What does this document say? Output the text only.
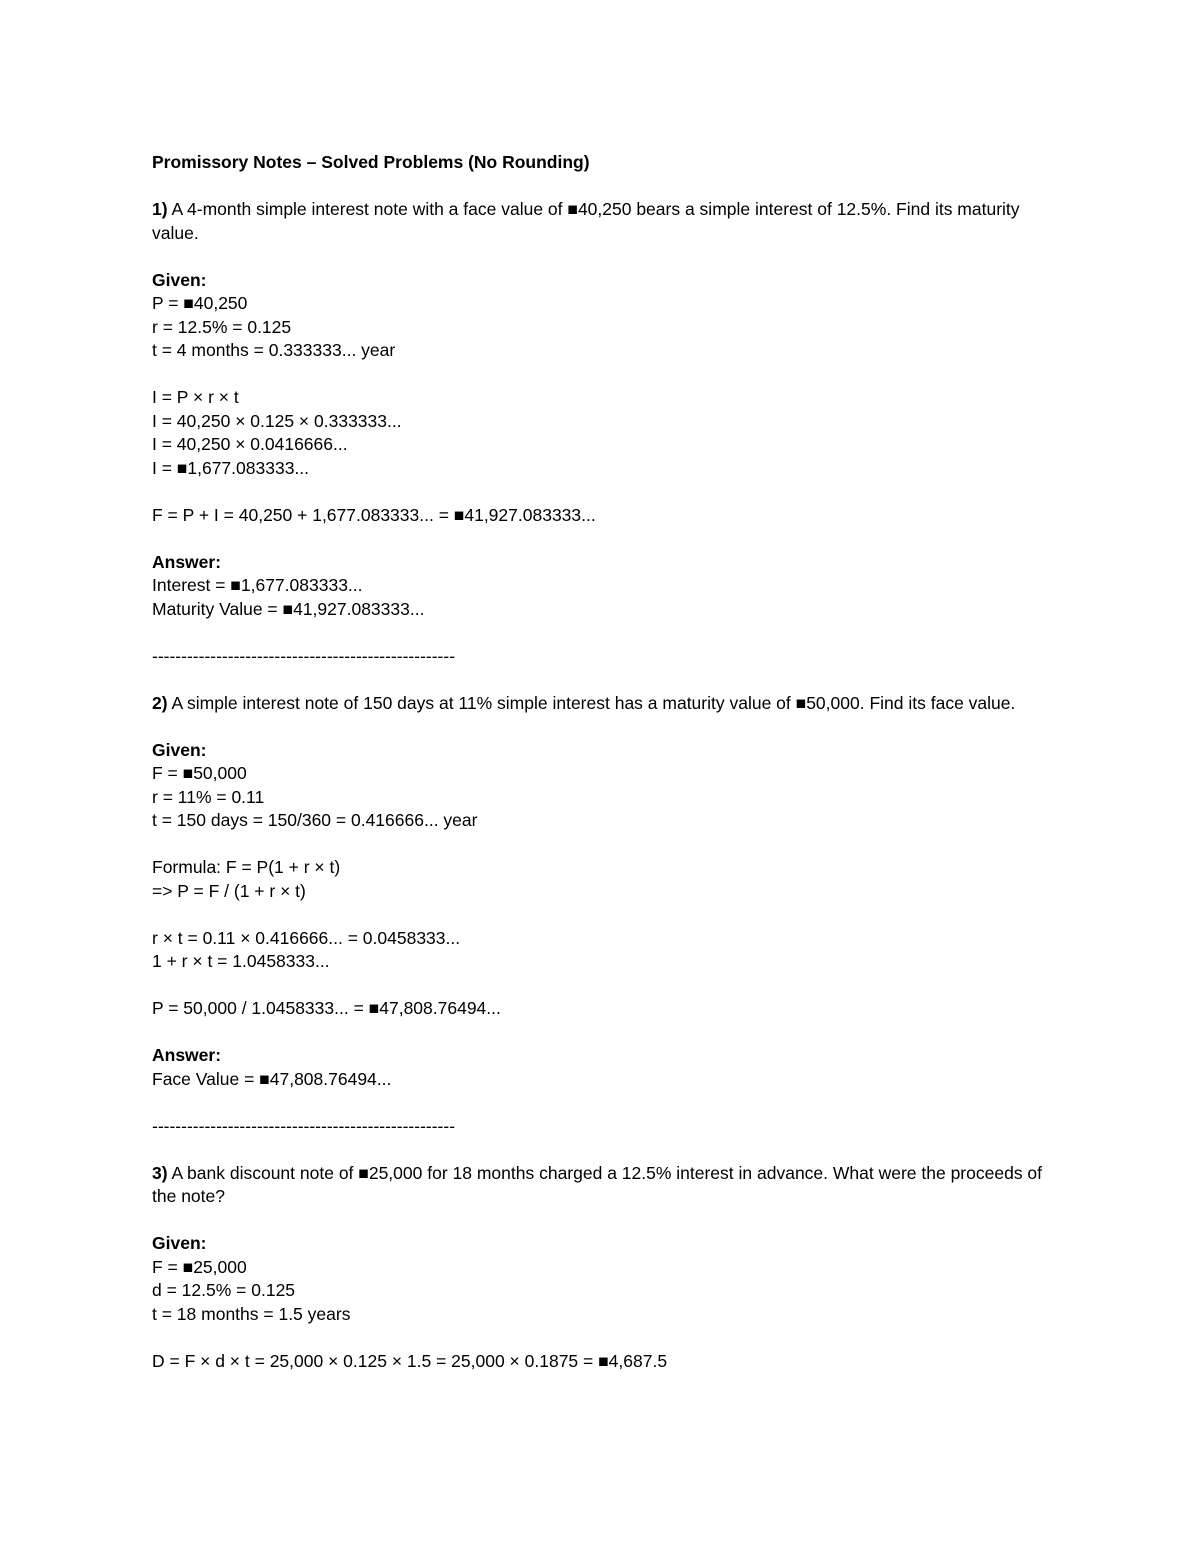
Promissory Notes – Solved Problems (No Rounding)
1) A 4-month simple interest note with a face value of ■40,250 bears a simple interest of 12.5%. Find its maturity value.
Given:
P = ■40,250
r = 12.5% = 0.125
t = 4 months = 0.333333... year
I = P × r × t
I = 40,250 × 0.125 × 0.333333...
I = 40,250 × 0.0416666...
I = ■1,677.083333...
F = P + I = 40,250 + 1,677.083333... = ■41,927.083333...
Answer:
Interest = ■1,677.083333...
Maturity Value = ■41,927.083333...
----------------------------------------------------
2) A simple interest note of 150 days at 11% simple interest has a maturity value of ■50,000. Find its face value.
Given:
F = ■50,000
r = 11% = 0.11
t = 150 days = 150/360 = 0.416666... year
Formula: F = P(1 + r × t)
=> P = F / (1 + r × t)
r × t = 0.11 × 0.416666... = 0.0458333...
1 + r × t = 1.0458333...
P = 50,000 / 1.0458333... = ■47,808.76494...
Answer:
Face Value = ■47,808.76494...
----------------------------------------------------
3) A bank discount note of ■25,000 for 18 months charged a 12.5% interest in advance. What were the proceeds of the note?
Given:
F = ■25,000
d = 12.5% = 0.125
t = 18 months = 1.5 years
D = F × d × t = 25,000 × 0.125 × 1.5 = 25,000 × 0.1875 = ■4,687.5
